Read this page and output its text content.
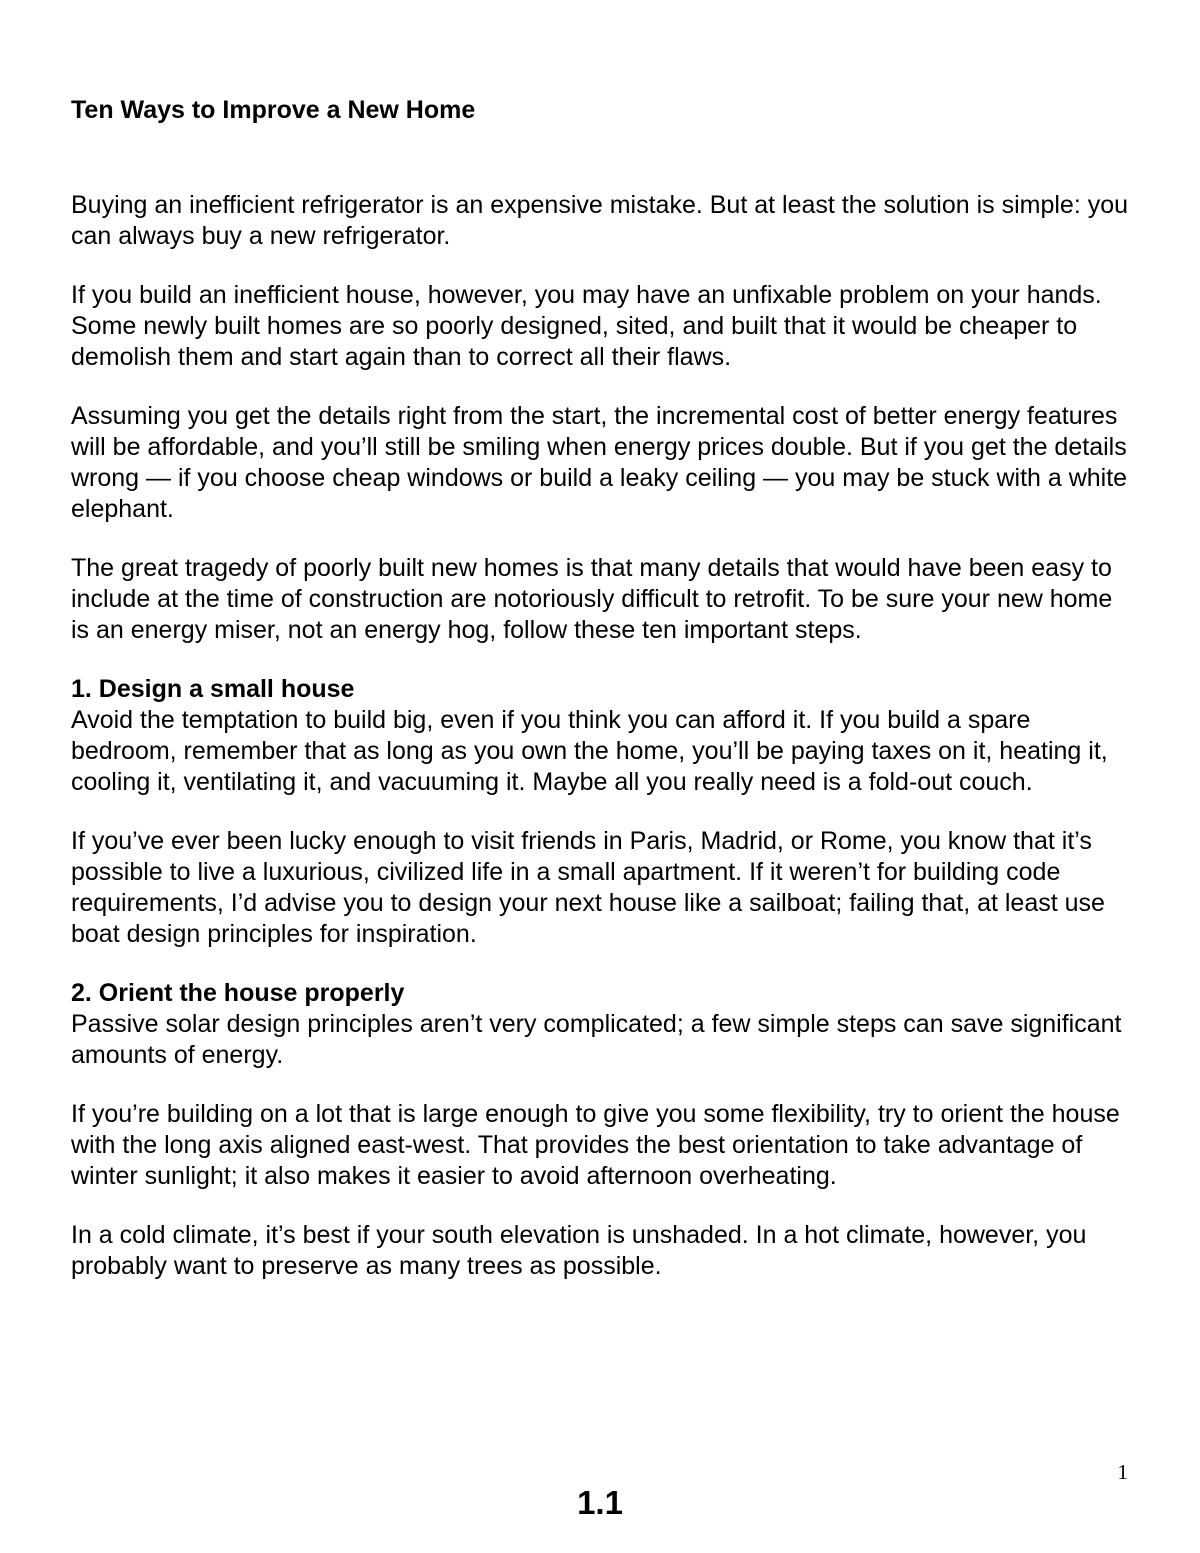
Ten Ways to Improve a New Home

Buying an inefficient refrigerator is an expensive mistake. But at least the solution is simple: you can always buy a new refrigerator.

If you build an inefficient house, however, you may have an unfixable problem on your hands. Some newly built homes are so poorly designed, sited, and built that it would be cheaper to demolish them and start again than to correct all their flaws.

Assuming you get the details right from the start, the incremental cost of better energy features will be affordable, and you’ll still be smiling when energy prices double. But if you get the details wrong — if you choose cheap windows or build a leaky ceiling — you may be stuck with a white elephant.

The great tragedy of poorly built new homes is that many details that would have been easy to include at the time of construction are notoriously difficult to retrofit. To be sure your new home is an energy miser, not an energy hog, follow these ten important steps.

1. Design a small house

Avoid the temptation to build big, even if you think you can afford it. If you build a spare bedroom, remember that as long as you own the home, you’ll be paying taxes on it, heating it, cooling it, ventilating it, and vacuuming it. Maybe all you really need is a fold-out couch.

If you’ve ever been lucky enough to visit friends in Paris, Madrid, or Rome, you know that it’s possible to live a luxurious, civilized life in a small apartment. If it weren’t for building code requirements, I’d advise you to design your next house like a sailboat; failing that, at least use boat design principles for inspiration.

2. Orient the house properly

Passive solar design principles aren’t very complicated; a few simple steps can save significant amounts of energy.

If you’re building on a lot that is large enough to give you some flexibility, try to orient the house with the long axis aligned east-west. That provides the best orientation to take advantage of winter sunlight; it also makes it easier to avoid afternoon overheating.

In a cold climate, it’s best if your south elevation is unshaded. In a hot climate, however, you probably want to preserve as many trees as possible.

1
1.1
